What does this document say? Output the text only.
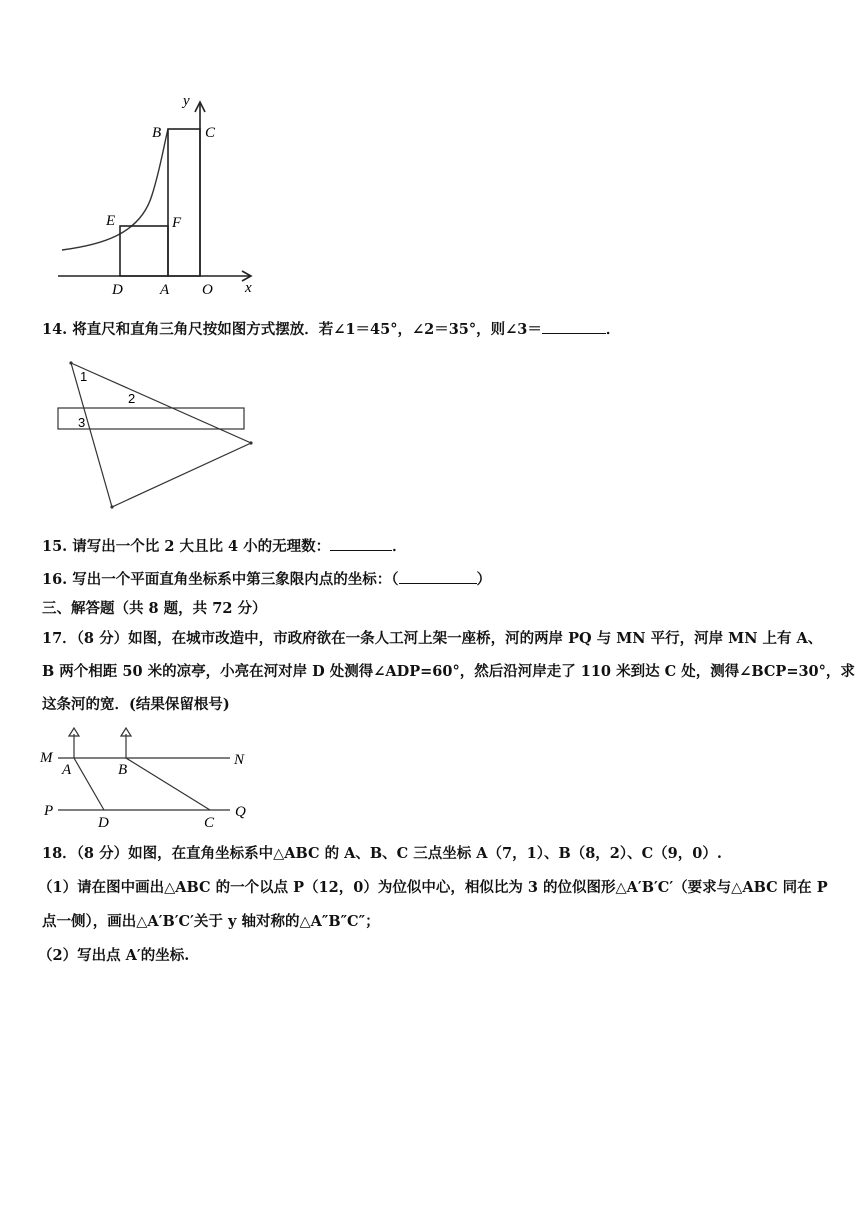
y
x
B	C
E	F
D A O
14. 将直尺和直角三角尺按如图方式摆放．若∠1＝45°，∠2＝35°，则∠3＝	．
1
2
3
15. 请写出一个比 2 大且比 4 小的无理数：	．
16. 写出一个平面直角坐标系中第三象限内点的坐标：（	）
三、解答题（共 8 题，共 72 分）
17．（8 分）如图，在城市改造中，市政府欲在一条人工河上架一座桥，河的两岸 PQ 与 MN 平行，河岸 MN 上有 A、
B 两个相距 50 米的凉亭，小亮在河对岸 D 处测得∠ADP=60°，然后沿河岸走了 110 米到达 C 处，测得∠BCP=30°，求
这条河的宽．(结果保留根号)
M
A	B
N
P
D	C
Q
18．（8 分）如图，在直角坐标系中△ABC 的 A、B、C 三点坐标 A（7，1）、B（8，2）、C（9，0）.
（1）请在图中画出△ABC 的一个以点 P（12，0）为位似中心，相似比为 3 的位似图形△A′B′C′（要求与△ABC 同在 P
点一侧），画出△A′B′C′关于 y 轴对称的△A″B″C″；
（2）写出点 A′的坐标.
